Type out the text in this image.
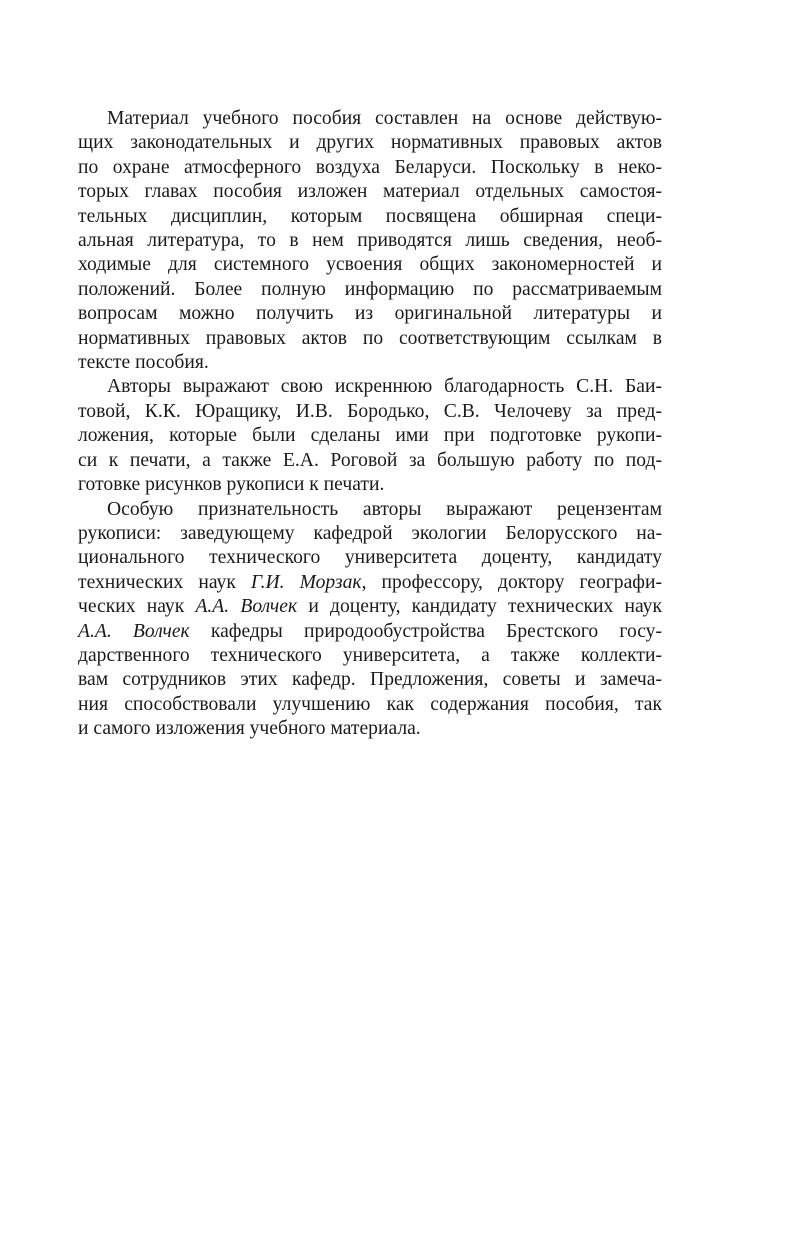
Материал учебного пособия составлен на основе действую-
щих законодательных и других нормативных правовых актов
по охране атмосферного воздуха Беларуси. Поскольку в неко-
торых главах пособия изложен материал отдельных самостоя-
тельных дисциплин, которым посвящена обширная специ-
альная литература, то в нем приводятся лишь сведения, необ-
ходимые для системного усвоения общих закономерностей и
положений. Более полную информацию по рассматриваемым
вопросам можно получить из оригинальной литературы и
нормативных правовых актов по соответствующим ссылкам в
тексте пособия.
Авторы выражают свою искреннюю благодарность С.Н. Баи-
товой, К.К. Юращику, И.В. Бородько, С.В. Челочеву за пред-
ложения, которые были сделаны ими при подготовке рукопи-
си к печати, а также Е.А. Роговой за большую работу по под-
готовке рисунков рукописи к печати.
Особую признательность авторы выражают рецензентам
рукописи: заведующему кафедрой экологии Белорусского на-
ционального технического университета доценту, кандидату
технических наук Г.И. Морзак, профессору, доктору географи-
ческих наук А.А. Волчек и доценту, кандидату технических наук
А.А. Волчек кафедры природообустройства Брестского госу-
дарственного технического университета, а также коллекти-
вам сотрудников этих кафедр. Предложения, советы и замеча-
ния способствовали улучшению как содержания пособия, так
и самого изложения учебного материала.
